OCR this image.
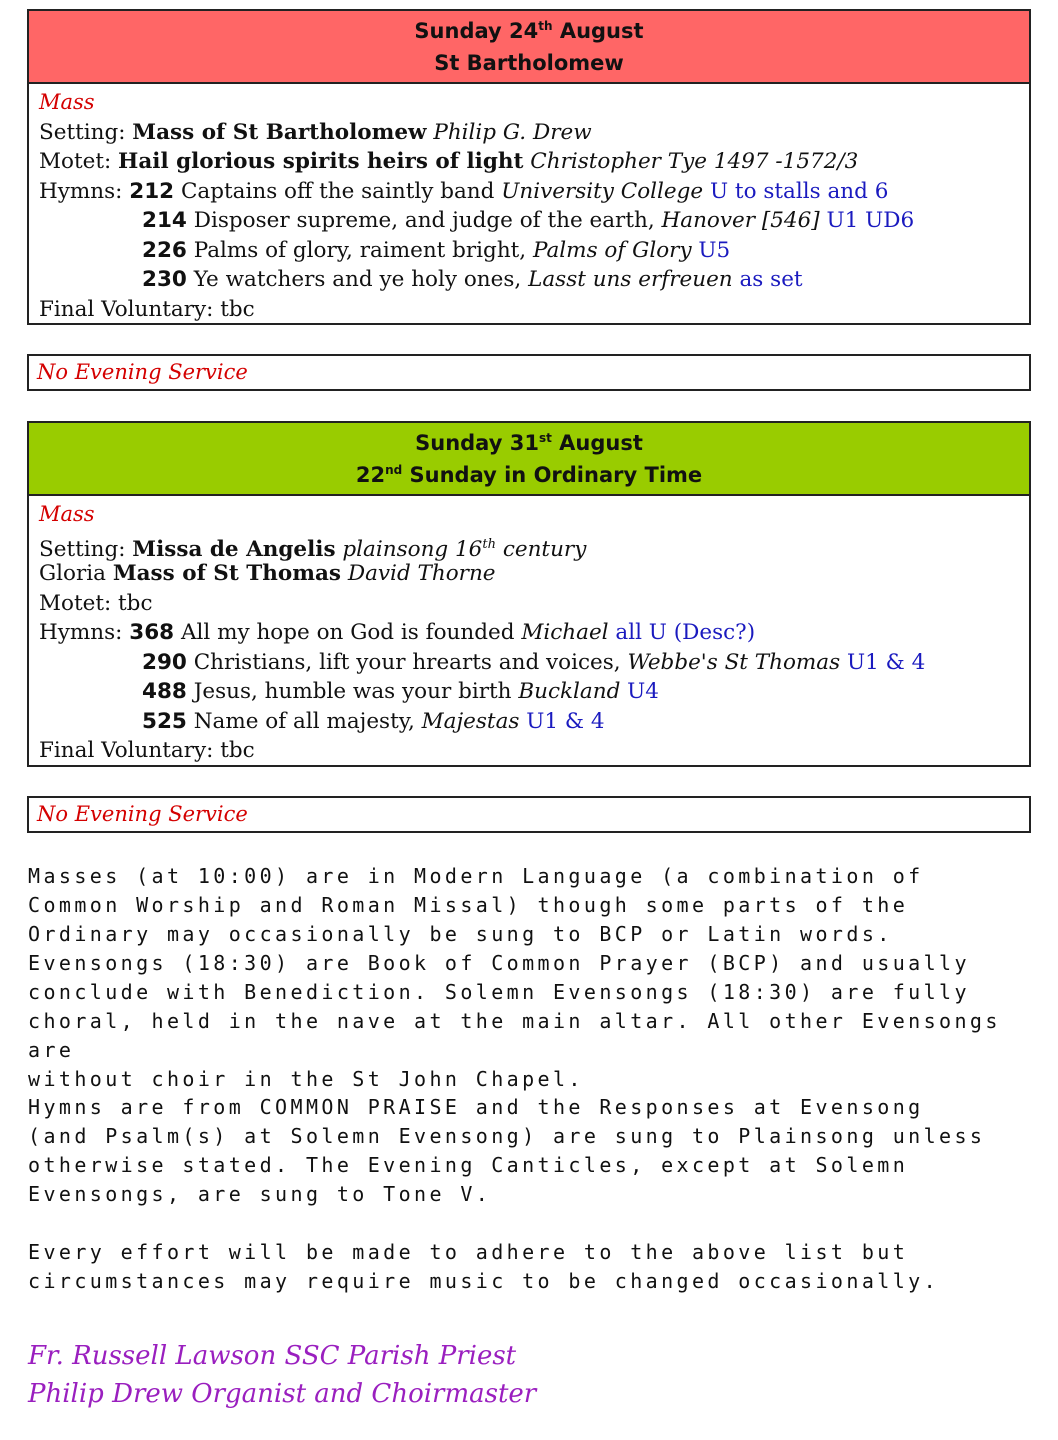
Sunday 24th August
St Bartholomew
Mass
Setting: Mass of St Bartholomew Philip G. Drew
Motet: Hail glorious spirits heirs of light Christopher Tye 1497 -1572/3
Hymns: 212 Captains off the saintly band University College U to stalls and 6
214 Disposer supreme, and judge of the earth, Hanover [546] U1 UD6
226 Palms of glory, raiment bright, Palms of Glory U5
230 Ye watchers and ye holy ones, Lasst uns erfreuen as set
Final Voluntary: tbc
No Evening Service
Sunday 31st August
22nd Sunday in Ordinary Time
Mass
Setting: Missa de Angelis plainsong 16th century
Gloria Mass of St Thomas David Thorne
Motet: tbc
Hymns: 368 All my hope on God is founded Michael all U (Desc?)
290 Christians, lift your hrearts and voices, Webbe's St Thomas U1 & 4
488 Jesus, humble was your birth Buckland U4
525 Name of all majesty, Majestas U1 & 4
Final Voluntary: tbc
No Evening Service
Masses (at 10:00) are in Modern Language (a combination of
Common Worship and Roman Missal) though some parts of the
Ordinary may occasionally be sung to BCP or Latin words.
Evensongs (18:30) are Book of Common Prayer (BCP) and usually
conclude with Benediction. Solemn Evensongs (18:30) are fully
choral, held in the nave at the main altar. All other Evensongs are
without choir in the St John Chapel.
Hymns are from COMMON PRAISE and the Responses at Evensong
(and Psalm(s) at Solemn Evensong) are sung to Plainsong unless
otherwise stated. The Evening Canticles, except at Solemn
Evensongs, are sung to Tone V.
Every effort will be made to adhere to the above list but
circumstances may require music to be changed occasionally.
Fr. Russell Lawson SSC Parish Priest
Philip Drew Organist and Choirmaster
